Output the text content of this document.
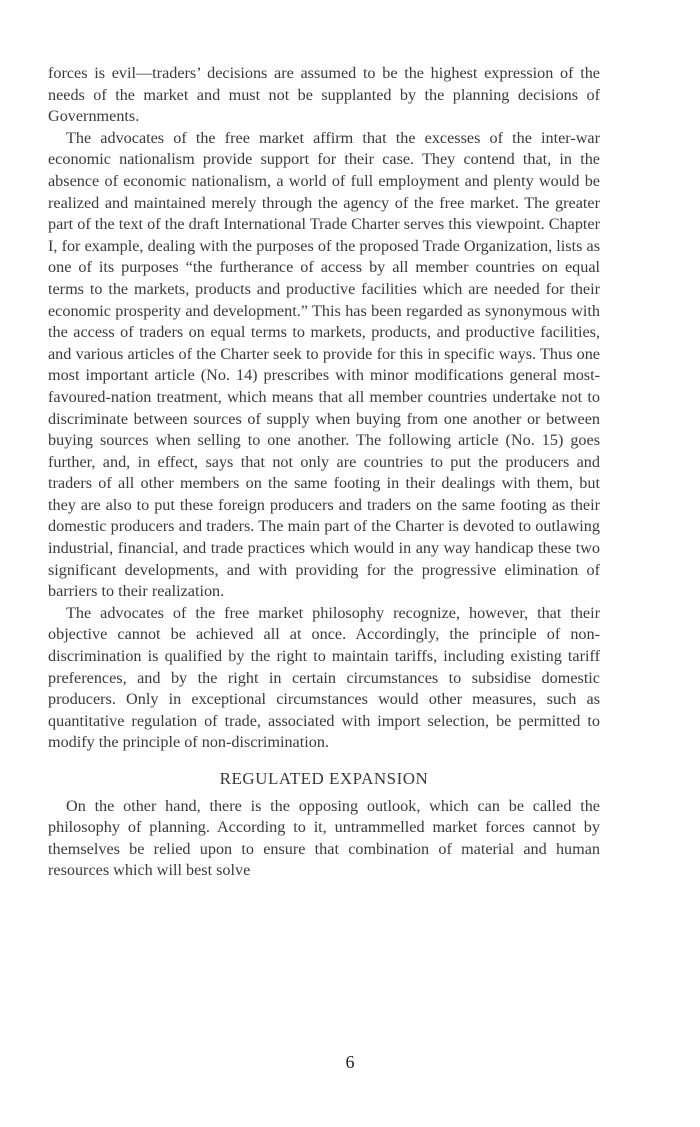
forces is evil—traders’ decisions are assumed to be the highest expression of the needs of the market and must not be supplanted by the planning decisions of Governments.

The advocates of the free market affirm that the excesses of the inter-war economic nationalism provide support for their case. They contend that, in the absence of economic nationalism, a world of full employment and plenty would be realized and maintained merely through the agency of the free market. The greater part of the text of the draft International Trade Charter serves this viewpoint. Chapter I, for example, dealing with the purposes of the proposed Trade Organization, lists as one of its purposes “the furtherance of access by all member countries on equal terms to the markets, products and productive facilities which are needed for their economic prosperity and development.” This has been regarded as synonymous with the access of traders on equal terms to markets, products, and productive facilities, and various articles of the Charter seek to provide for this in specific ways. Thus one most important article (No. 14) prescribes with minor modifications general most-favoured-nation treatment, which means that all member countries undertake not to discriminate between sources of supply when buying from one another or between buying sources when selling to one another. The following article (No. 15) goes further, and, in effect, says that not only are countries to put the producers and traders of all other members on the same footing in their dealings with them, but they are also to put these foreign producers and traders on the same footing as their domestic producers and traders. The main part of the Charter is devoted to outlawing industrial, financial, and trade practices which would in any way handicap these two significant developments, and with providing for the progressive elimination of barriers to their realization.

The advocates of the free market philosophy recognize, however, that their objective cannot be achieved all at once. Accordingly, the principle of non-discrimination is qualified by the right to maintain tariffs, including existing tariff preferences, and by the right in certain circumstances to subsidise domestic producers. Only in exceptional circumstances would other measures, such as quantitative regulation of trade, associated with import selection, be permitted to modify the principle of non-discrimination.

REGULATED EXPANSION

On the other hand, there is the opposing outlook, which can be called the philosophy of planning. According to it, untrammelled market forces cannot by themselves be relied upon to ensure that combination of material and human resources which will best solve

6
